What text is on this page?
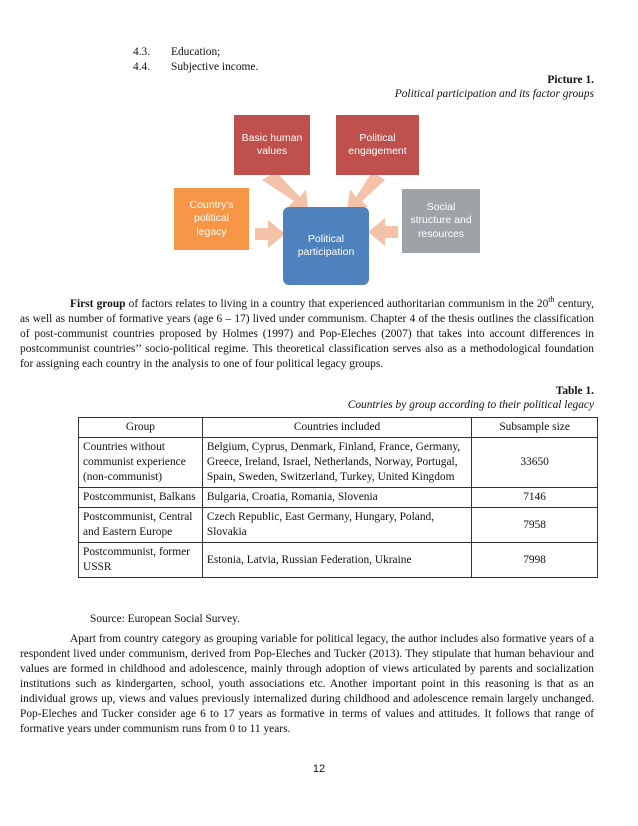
4.3. Education;
4.4. Subjective income.
Picture 1.
Political participation and its factor groups
Political participation
Basic human values
Political engagement
Country's political legacy
Social structure and resources
First group of factors relates to living in a country that experienced authoritarian communism in the 20th century, as well as number of formative years (age 6 – 17) lived under communism. Chapter 4 of the thesis outlines the classification of post-communist countries proposed by Holmes (1997) and Pop-Eleches (2007) that takes into account differences in postcommunist countries’’ socio-political regime. This theoretical classification serves also as a methodological foundation for assigning each country in the analysis to one of four political legacy groups.
Table 1.
Countries by group according to their political legacy
Group	Countries included	Subsample size
Countries without communist experience (non-communist)	Belgium, Cyprus, Denmark, Finland, France, Germany, Greece, Ireland, Israel, Netherlands, Norway, Portugal, Spain, Sweden, Switzerland, Turkey, United Kingdom	33650
Postcommunist, Balkans	Bulgaria, Croatia, Romania, Slovenia	7146
Postcommunist, Central and Eastern Europe	Czech Republic, East Germany, Hungary, Poland, Slovakia	7958
Postcommunist, former USSR	Estonia, Latvia, Russian Federation, Ukraine	7998
Source: European Social Survey.
Apart from country category as grouping variable for political legacy, the author includes also formative years of a respondent lived under communism, derived from Pop-Eleches and Tucker (2013). They stipulate that human behaviour and values are formed in childhood and adolescence, mainly through adoption of views articulated by parents and socialization institutions such as kindergarten, school, youth associations etc. Another important point in this reasoning is that as an individual grows up, views and values previously internalized during childhood and adolescence remain largely unchanged. Pop-Eleches and Tucker consider age 6 to 17 years as formative in terms of values and attitudes. It follows that range of formative years under communism runs from 0 to 11 years.
12
